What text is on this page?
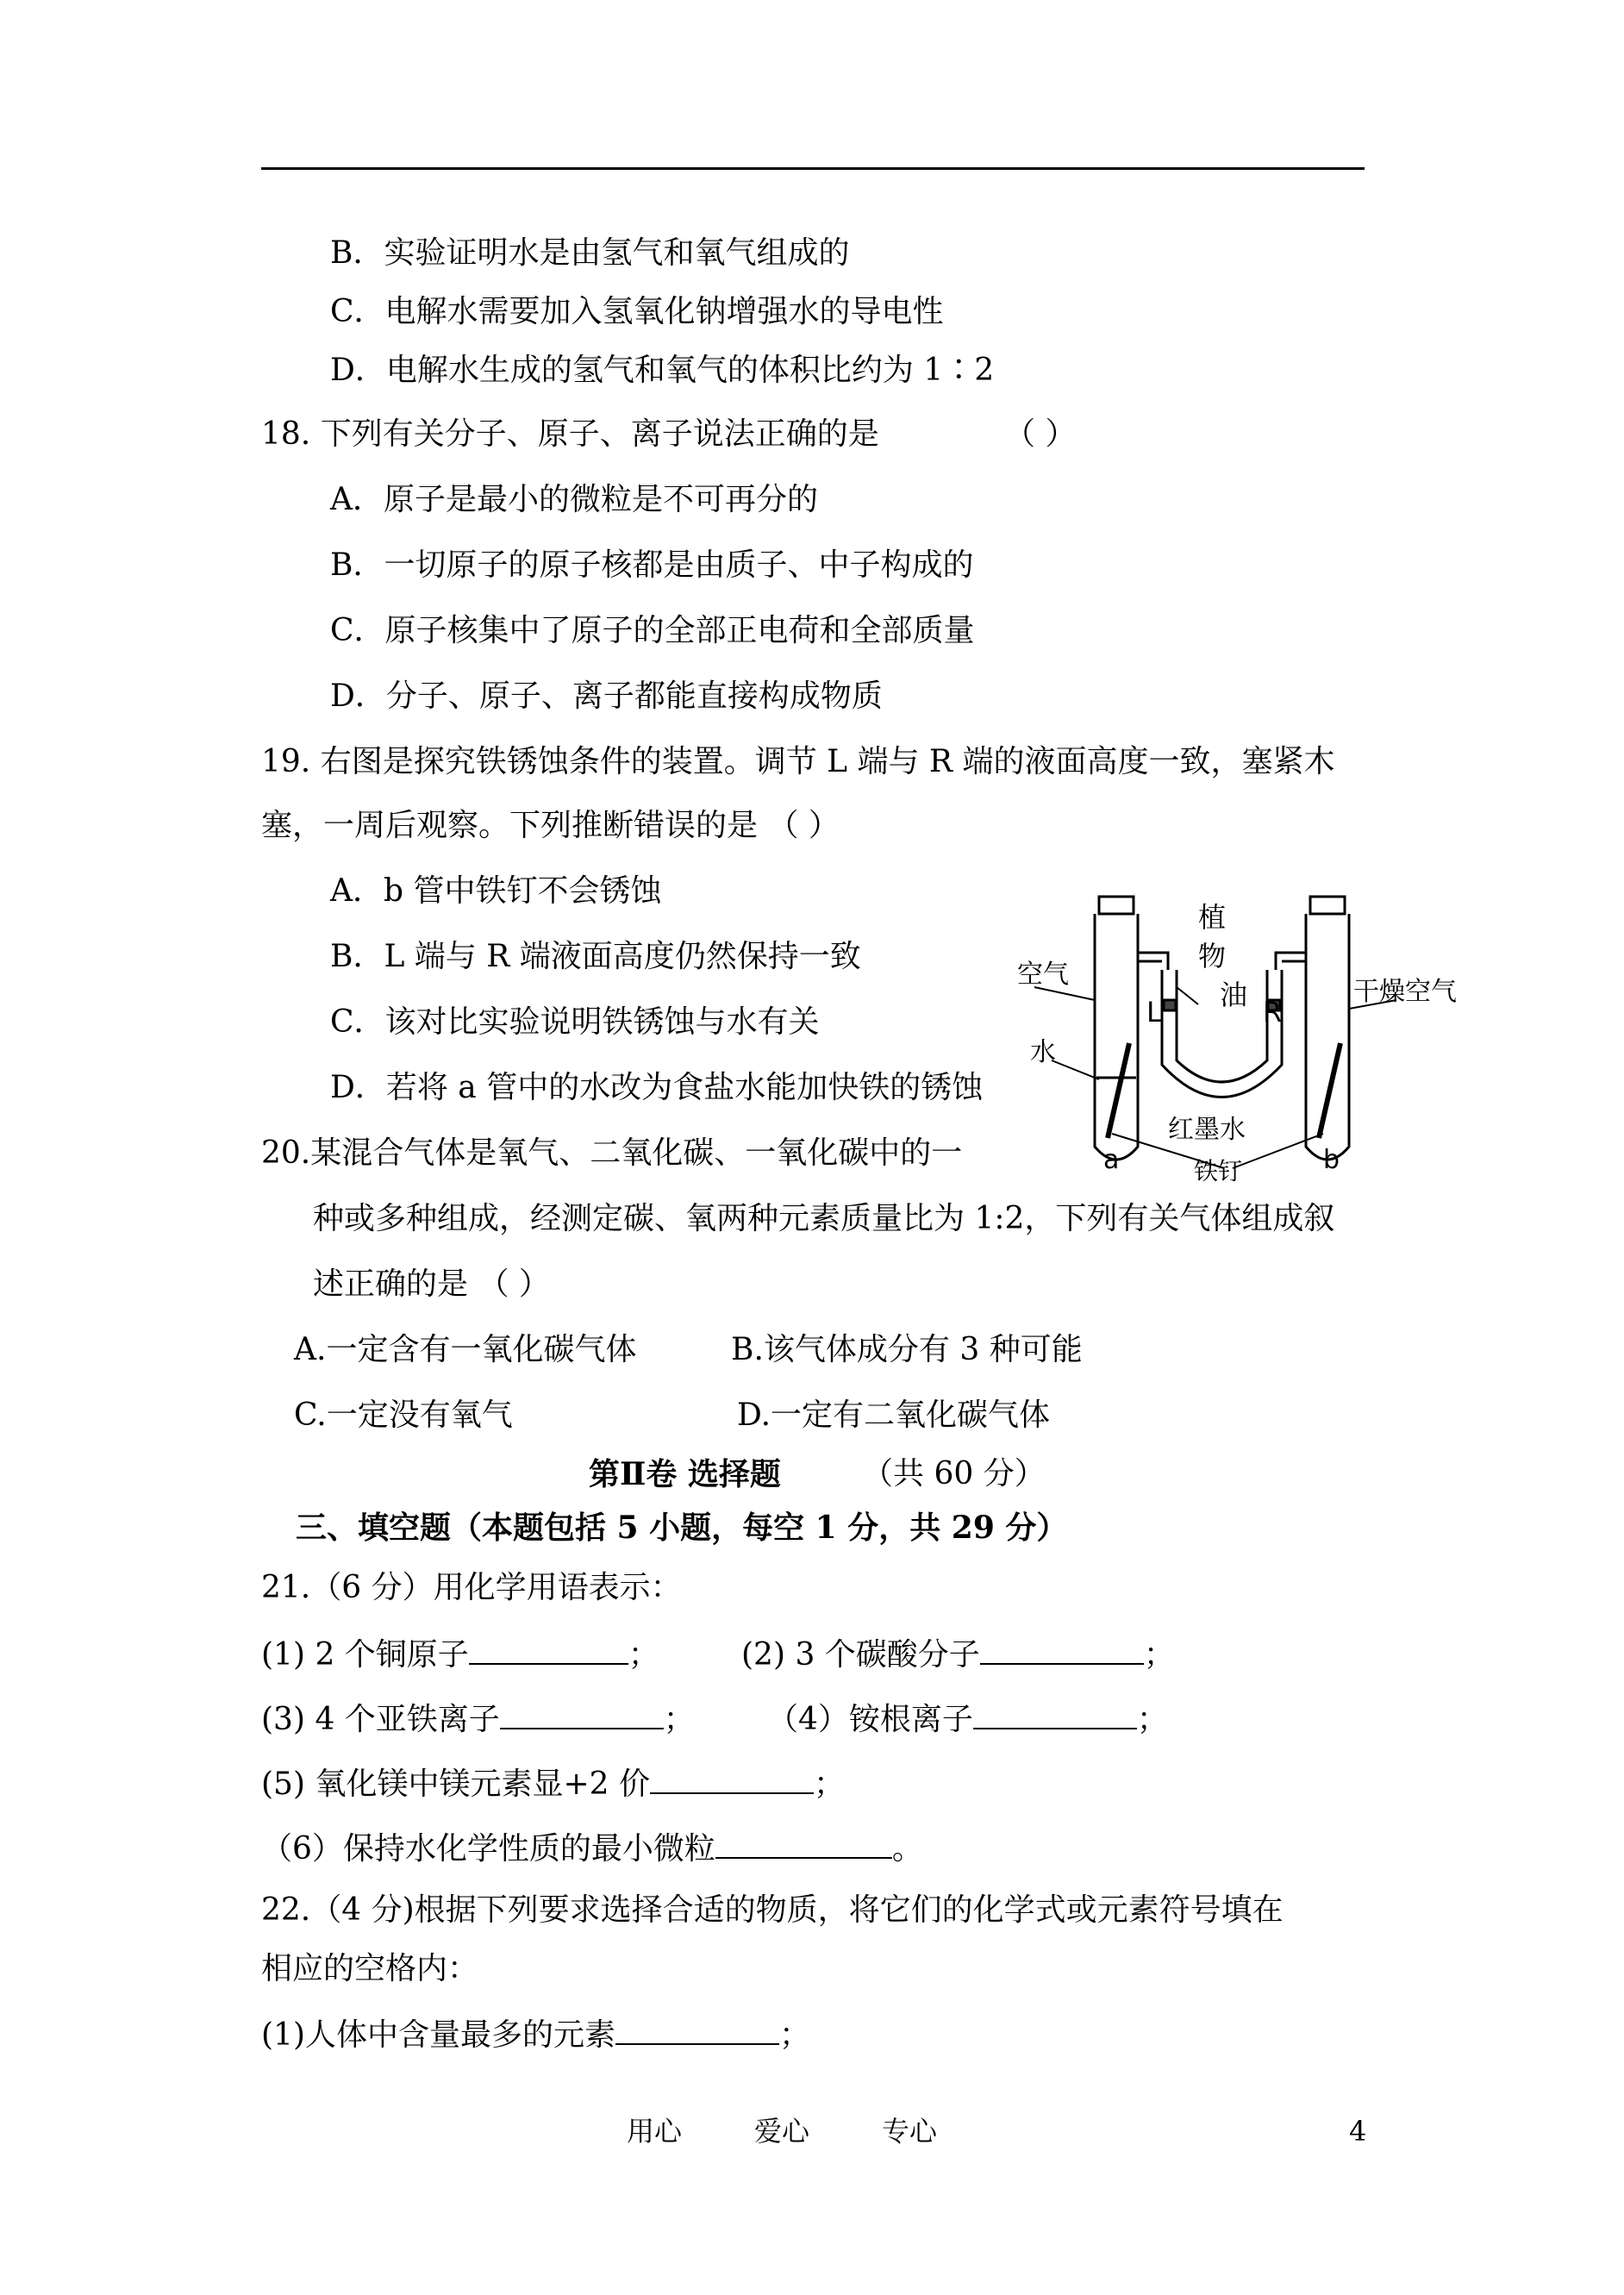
B．实验证明水是由氢气和氧气组成的
C．电解水需要加入氢氧化钠增强水的导电性
D．电解水生成的氢气和氧气的体积比约为 1∶2
18. 下列有关分子、原子、离子说法正确的是	（ ）
A．原子是最小的微粒是不可再分的
B．一切原子的原子核都是由质子、中子构成的
C．原子核集中了原子的全部正电荷和全部质量
D．分子、原子、离子都能直接构成物质
19. 右图是探究铁锈蚀条件的装置。调节 L 端与 R 端的液面高度一致，塞紧木
塞，一周后观察。下列推断错误的是 （ ）
A．b 管中铁钉不会锈蚀
B．L 端与 R 端液面高度仍然保持一致
C．该对比实验说明铁锈蚀与水有关
D．若将 a 管中的水改为食盐水能加快铁的锈蚀
植
物
油
空气
干燥空气
水
L	R
红墨水
a	b
铁钉
20.某混合气体是氧气、二氧化碳、一氧化碳中的一
种或多种组成，经测定碳、氧两种元素质量比为 1:2，下列有关气体组成叙
述正确的是 （ ）
A.一定含有一氧化碳气体	B.该气体成分有 3 种可能
C.一定没有氧气	D.一定有二氧化碳气体
第Ⅱ卷 选择题	（共 60 分）
三、填空题（本题包括 5 小题，每空 1 分，共 29 分）
21.（6 分）用化学用语表示：
(1) 2 个铜原子	；	(2) 3 个碳酸分子	；
(3) 4 个亚铁离子	； （4）铵根离子	；
(5) 氧化镁中镁元素显+2 价	；
（6）保持水化学性质的最小微粒	。
22.（4 分)根据下列要求选择合适的物质，将它们的化学式或元素符号填在
相应的空格内：
(1)人体中含量最多的元素	；
用心	爱心	专心	4
